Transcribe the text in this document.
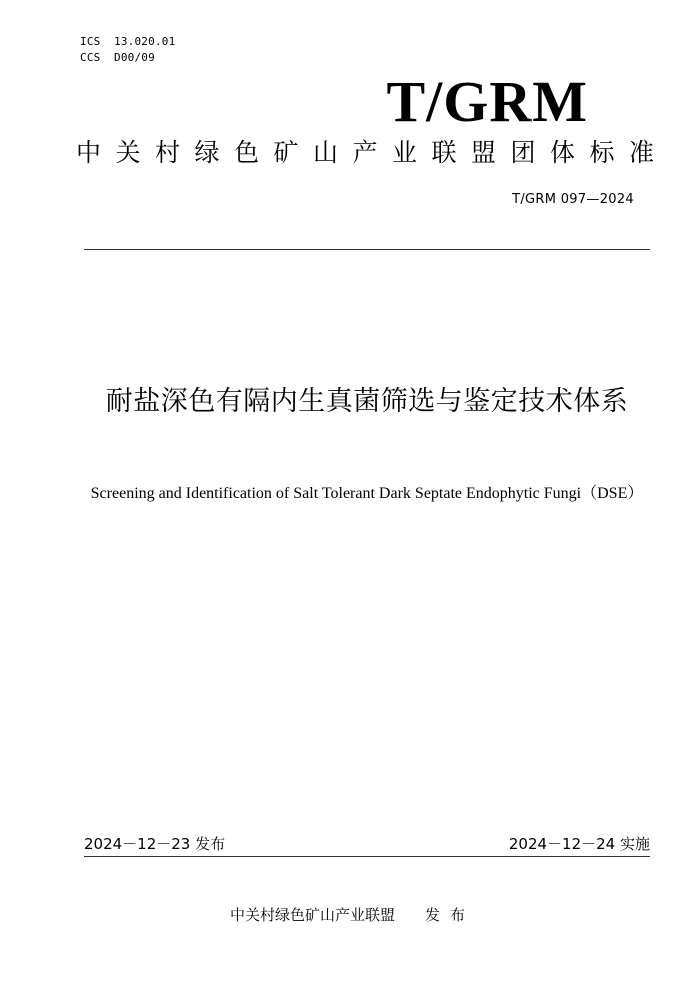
ICS 13.020.01
CCS D00/09
T/GRM
中关村绿色矿山产业联盟团体标准
T/GRM 097—2024
耐盐深色有隔内生真菌筛选与鉴定技术体系
Screening and Identification of Salt Tolerant Dark Septate Endophytic Fungi（DSE）
2024－12－23 发布	2024－12－24 实施
中关村绿色矿山产业联盟 发布
